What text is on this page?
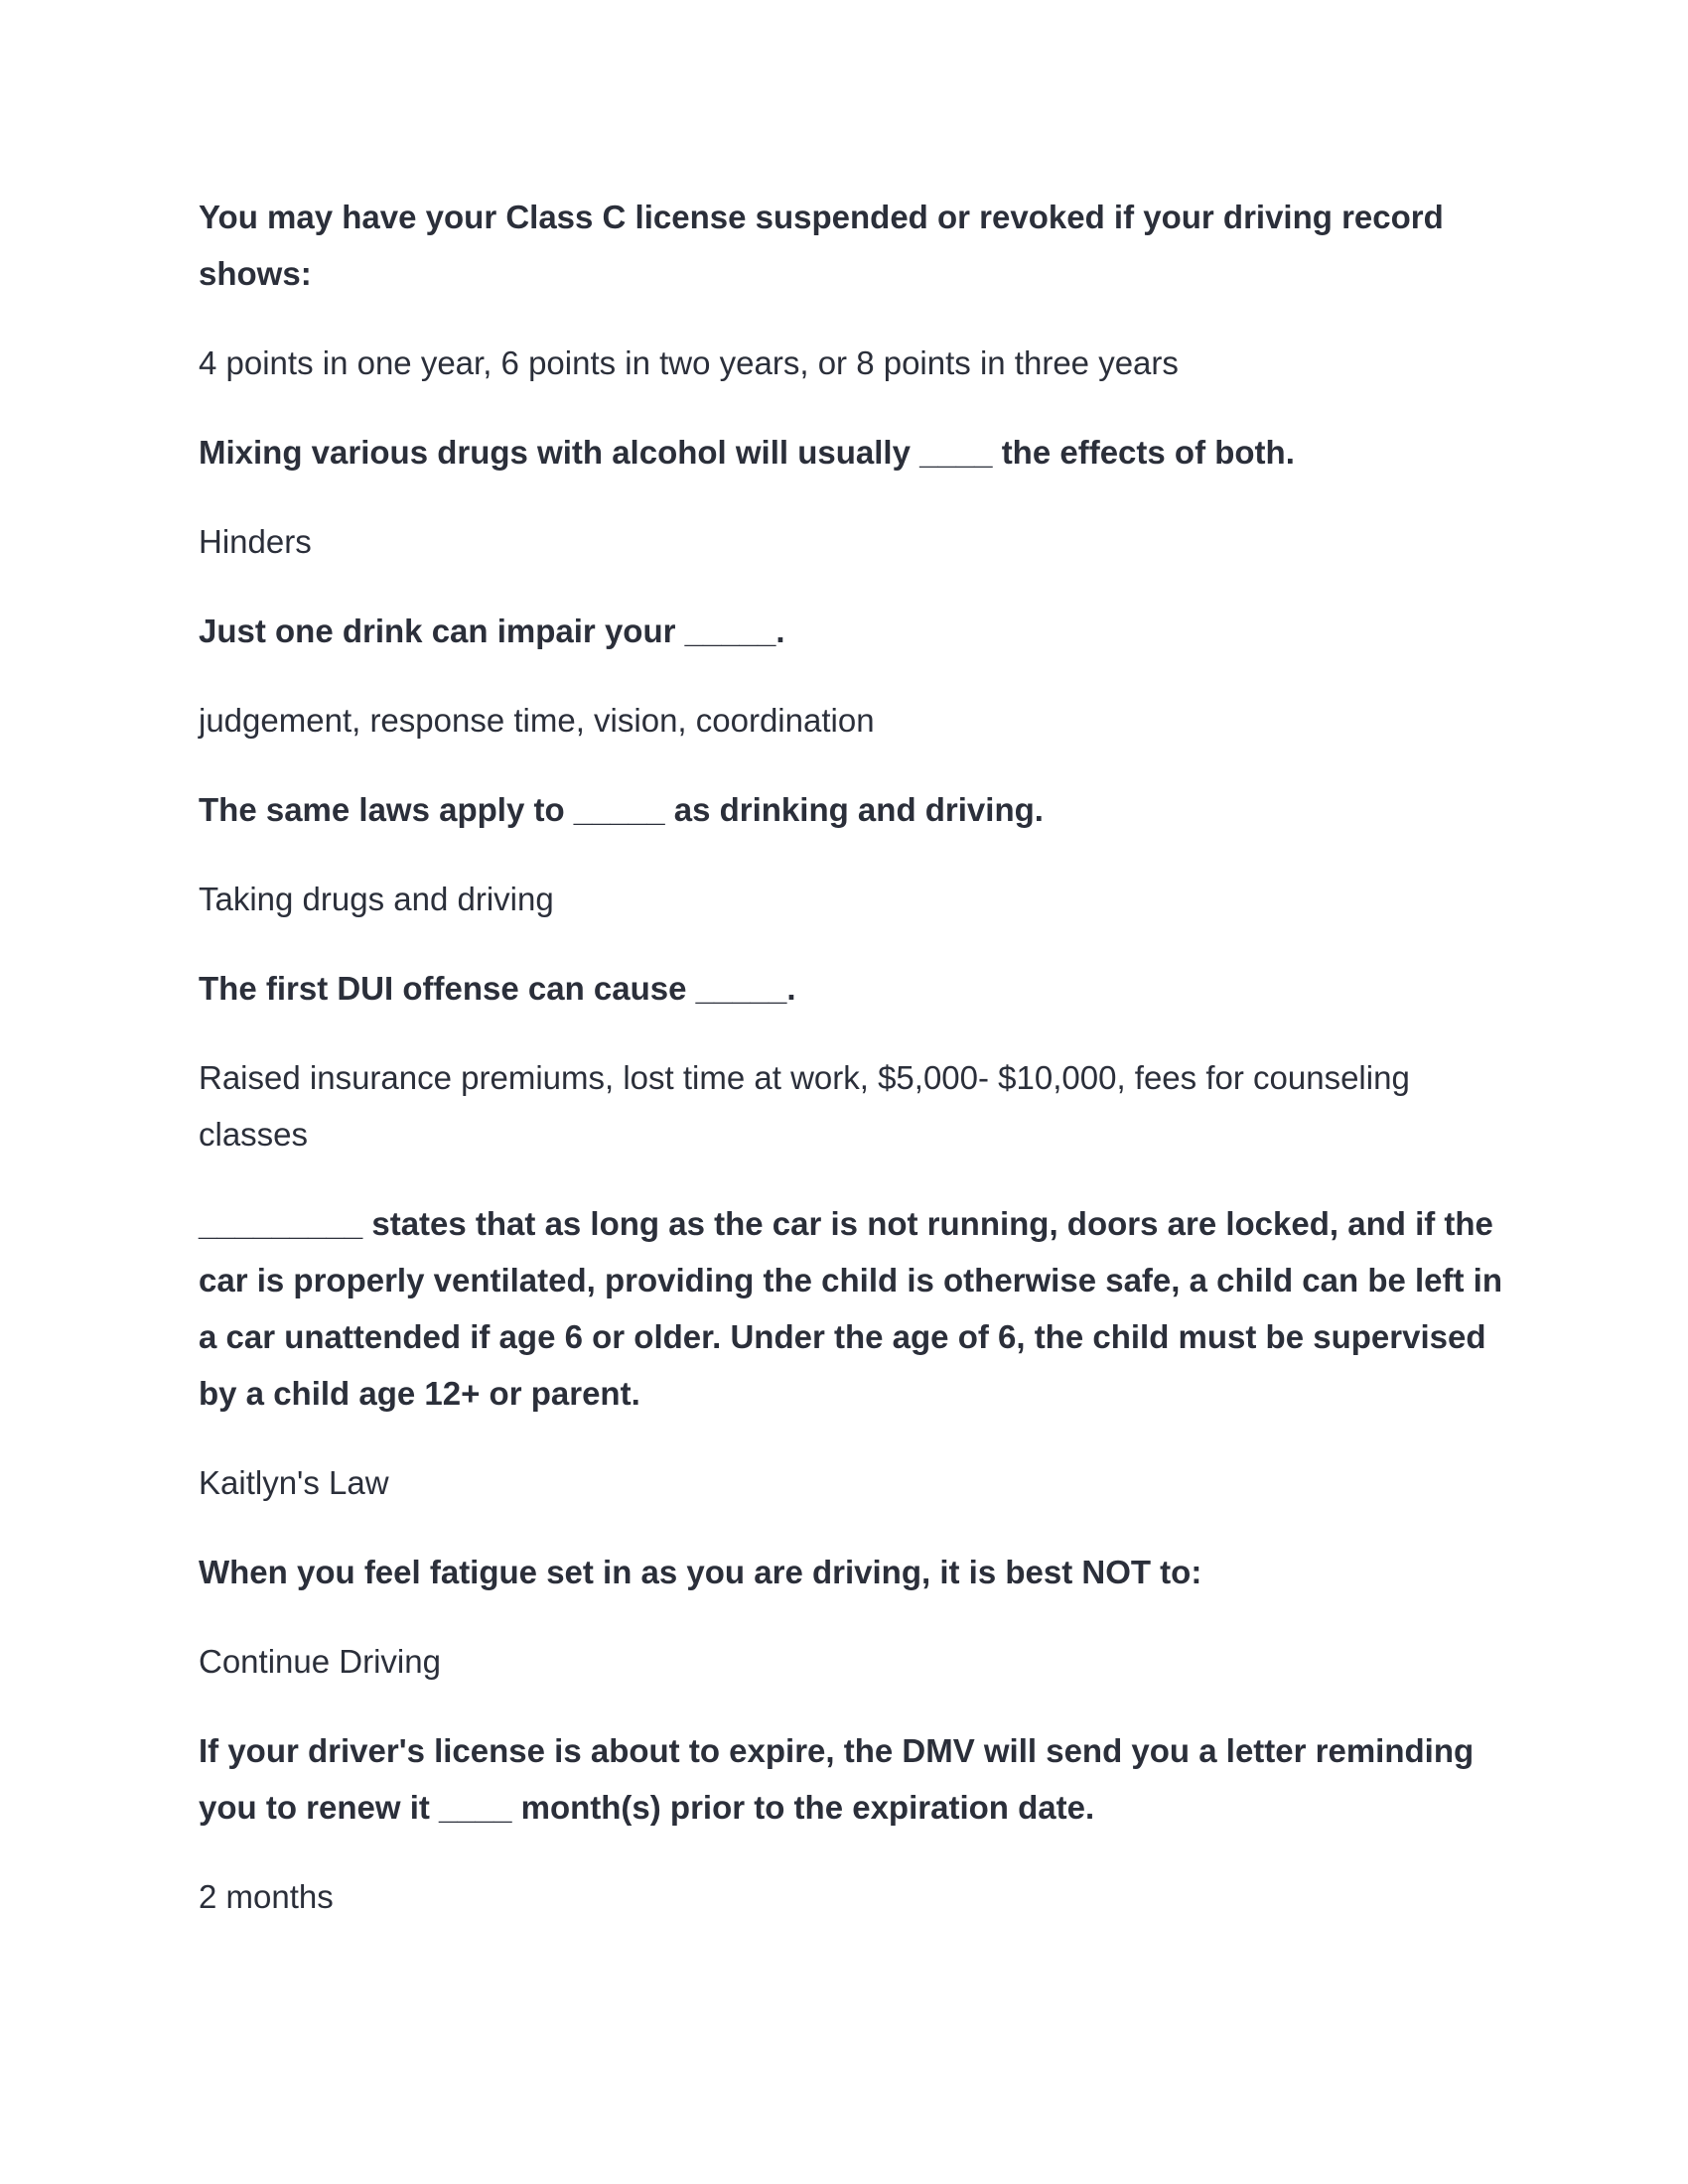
You may have your Class C license suspended or revoked if your driving record shows:

4 points in one year, 6 points in two years, or 8 points in three years

Mixing various drugs with alcohol will usually ____ the effects of both.

Hinders

Just one drink can impair your _____.

judgement, response time, vision, coordination

The same laws apply to _____ as drinking and driving.

Taking drugs and driving

The first DUI offense can cause _____.

Raised insurance premiums, lost time at work, $5,000- $10,000, fees for counseling classes

_________ states that as long as the car is not running, doors are locked, and if the car is properly ventilated, providing the child is otherwise safe, a child can be left in a car unattended if age 6 or older. Under the age of 6, the child must be supervised by a child age 12+ or parent.

Kaitlyn's Law

When you feel fatigue set in as you are driving, it is best NOT to:

Continue Driving

If your driver's license is about to expire, the DMV will send you a letter reminding you to renew it ____ month(s) prior to the expiration date.

2 months
